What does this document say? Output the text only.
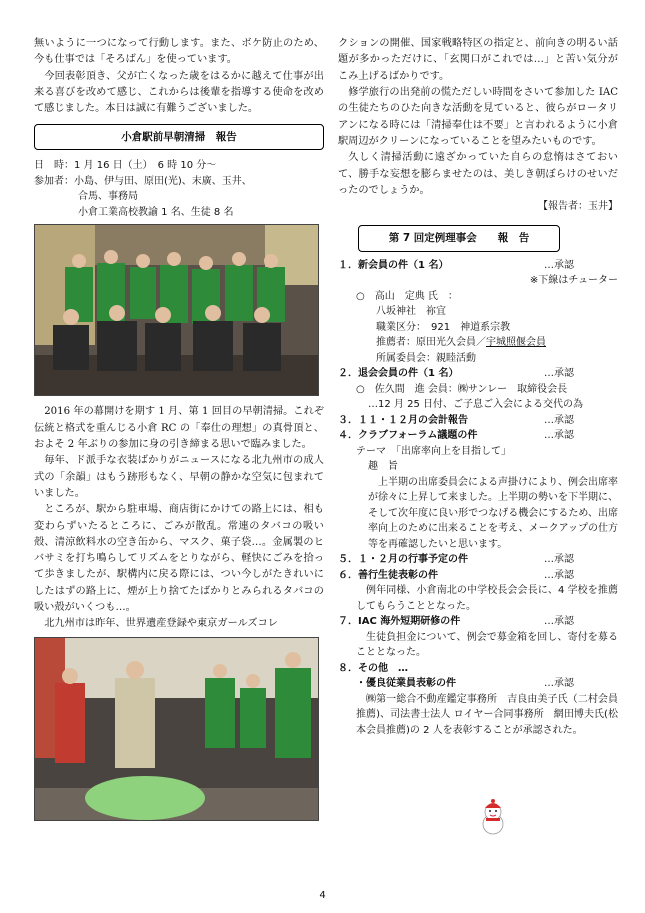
無いように一つになって行動します。また、ボケ防止のため、今も仕事では「そろばん」を使っています。

今回表彰頂き、父が亡くなった歳をはるかに越えて仕事が出来る喜びを改めて感じ、これからは後輩を指導する使命を改めて感じました。本日は誠に有難うございました。

小倉駅前早朝清掃　報告
日　時：1 月 16 日（土）　6 時 10 分～
参加者：小島、伊与田、原田(光)、末廣、玉井、
合馬、事務局
小倉工業高校教諭 1 名、生徒 8 名

2016 年の幕開けを期す 1 月、第 1 回目の早朝清掃。これぞ伝統と格式を重んじる小倉 RC の「奉仕の理想」の真骨頂と、およそ 2 年ぶりの参加に身の引き締まる思いで臨みました。

毎年、ド派手な衣装ばかりがニュースになる北九州市の成人式の「余韻」はもう跡形もなく、早朝の静かな空気に包まれていました。

ところが、駅から駐車場、商店街にかけての路上には、相も変わらずいたるところに、ごみが散乱。常連のタバコの吸い殻、清涼飲料水の空き缶から、マスク、菓子袋…。金属製のヒバサミを打ち鳴らしてリズムをとりながら、軽快にごみを拾って歩きましたが、駅構内に戻る際には、つい今しがたきれいにしたはずの路上に、煙が上り捨てたばかりとみられるタバコの吸い殻がいくつも…。

北九州市は昨年、世界遺産登録や東京ガールズコレ

クションの開催、国家戦略特区の指定と、前向きの明るい話題が多かっただけに、「玄関口がこれでは…」と苦い気分がこみ上げるばかりです。

修学旅行の出発前の慌ただしい時間をさいて参加した IAC の生徒たちのひた向きな活動を見ていると、彼らがロータリアンになる時には「清掃奉仕は不要」と言われるように小倉駅周辺がクリーンになっていることを望みたいものです。

久しく清掃活動に遠ざかっていた自らの怠惰はさておいて、勝手な妄想を膨らませたのは、美しき朝ぼらけのせいだったのでしょうか。

【報告者：玉井】
第 7 回定例理事会　　報　告
１．新会員の件（1 名）	…承認
※下線はチューター
○　高山　定典 氏　：
八坂神社　祢宜
職業区分：　921　神道系宗教
推薦者：原田光久会員／宇城照偃会員
所属委員会：親睦活動
２．退会会員の件（1 名）	…承認
○　佐久間　進 会員：㈱サンレー　取締役会長
…12 月 25 日付、ご子息ご入会による交代の為
３．１１・１２月の会計報告	…承認
４．クラブフォーラム議題の件	…承認
テーマ　「出席率向上を目指して」
趣　旨

上半期の出席委員会による声掛けにより、例会出席率が徐々に上昇して来ました。上半期の勢いを下半期に、そして次年度に良い形でつなげる機会にするため、出席率向上のために出来ることを考え、メークアップの仕方等を再確認したいと思います。

５．１・２月の行事予定の件	…承認
６．善行生徒表彰の件	…承認

例年同様、小倉南北の中学校長会会長に、4 学校を推薦してもらうこととなった。

７．IAC 海外短期研修の件	…承認

生徒負担金について、例会で募金箱を回し、寄付を募ることとなった。

８．その他　…
・優良従業員表彰の件	…承認

㈱第一総合不動産鑑定事務所　吉良由美子氏（二村会員推薦)、司法書士法人 ロイヤー合同事務所　網田博夫氏(松本会員推薦)の 2 人を表彰することが承認された。

4
